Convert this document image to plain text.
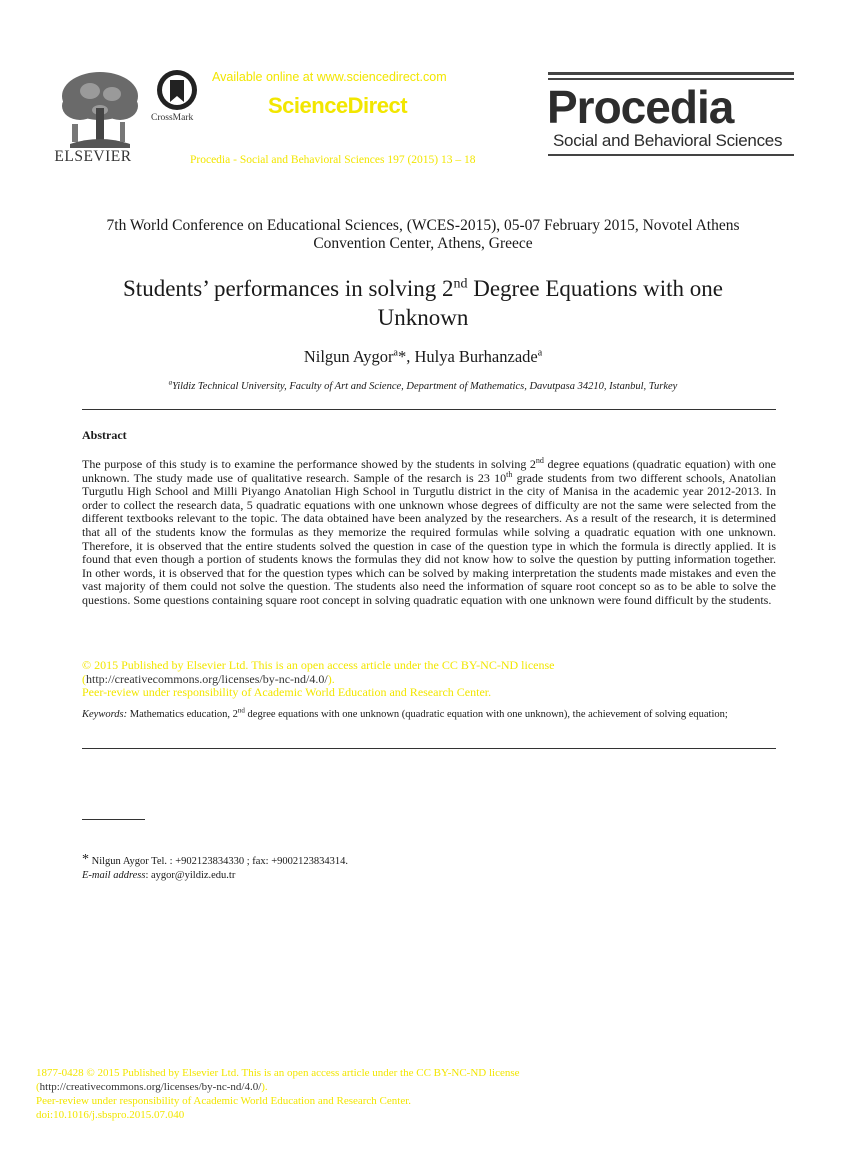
ELSEVIER
CrossMark
Available online at www.sciencedirect.com
ScienceDirect
Procedia - Social and Behavioral Sciences 197 (2015) 13 – 18
Procedia
Social and Behavioral Sciences
7th World Conference on Educational Sciences, (WCES-2015), 05-07 February 2015, Novotel Athens Convention Center, Athens, Greece
Students’ performances in solving 2nd Degree Equations with one Unknown
Nilgun Aygor$^a$*, Hulya Burhanzade$^a$
$^a$Yildiz Technical University, Faculty of Art and Science, Department of Mathematics, Davutpasa 34210, Istanbul, Turkey
Abstract
The purpose of this study is to examine the performance showed by the students in solving 2nd degree equations (quadratic equation) with one unknown. The study made use of qualitative research. Sample of the resarch is 23 10th grade students from two different schools, Anatolian Turgutlu High School and Milli Piyango Anatolian High School in Turgutlu district in the city of Manisa in the academic year 2012-2013. In order to collect the research data, 5 quadratic equations with one unknown whose degrees of difficulty are not the same were selected from the different textbooks relevant to the topic. The data obtained have been analyzed by the researchers. As a result of the research, it is determined that all of the students know the formulas as they memorize the required formulas while solving a quadratic equation with one unknown. Therefore, it is observed that the entire students solved the question in case of the question type in which the formula is directly applied. It is found that even though a portion of students knows the formulas they did not know how to solve the question by putting information together. In other words, it is observed that for the question types which can be solved by making interpretation the students made mistakes and even the vast majority of them could not solve the question. The students also need the information of square root concept so as to be able to solve the questions. Some questions containing square root concept in solving quadratic equation with one unknown were found difficult by the students.
© 2015 Published by Elsevier Ltd. This is an open access article under the CC BY-NC-ND license
(http://creativecommons.org/licenses/by-nc-nd/4.0/).
Peer-review under responsibility of Academic World Education and Research Center.
Keywords: Mathematics education, 2nd degree equations with one unknown (quadratic equation with one unknown), the achievement of solving equation;
* Nilgun Aygor Tel. : +902123834330 ; fax: +9002123834314.
E-mail address: aygor@yildiz.edu.tr
1877-0428 © 2015 Published by Elsevier Ltd. This is an open access article under the CC BY-NC-ND license
(http://creativecommons.org/licenses/by-nc-nd/4.0/).
Peer-review under responsibility of Academic World Education and Research Center.
doi:10.1016/j.sbspro.2015.07.040
